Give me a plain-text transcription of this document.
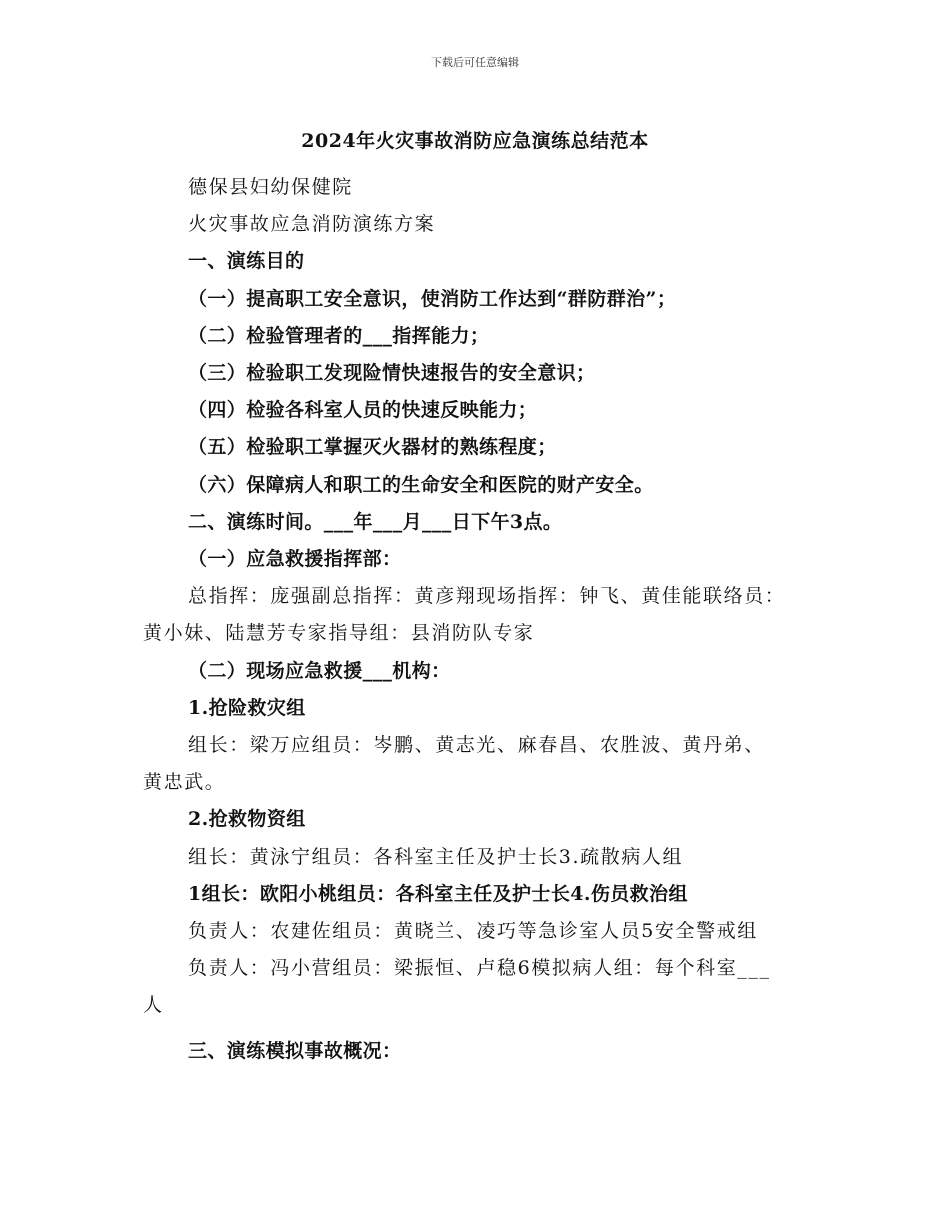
下载后可任意编辑
2024年火灾事故消防应急演练总结范本
德保县妇幼保健院
火灾事故应急消防演练方案
一、演练目的
（一）提高职工安全意识，使消防工作达到“群防群治”；
（二）检验管理者的___指挥能力；
（三）检验职工发现险情快速报告的安全意识；
（四）检验各科室人员的快速反映能力；
（五）检验职工掌握灭火器材的熟练程度；
（六）保障病人和职工的生命安全和医院的财产安全。
二、演练时间。___年___月___日下午3点。
（一）应急救援指挥部：
总指挥：庞强副总指挥：黄彦翔现场指挥：钟飞、黄佳能联络员：
黄小妹、陆慧芳专家指导组：县消防队专家
（二）现场应急救援___机构：
1.抢险救灾组
组长：梁万应组员：岑鹏、黄志光、麻春昌、农胜波、黄丹弟、
黄忠武。
2.抢救物资组
组长：黄泳宁组员：各科室主任及护士长3.疏散病人组
1组长：欧阳小桃组员：各科室主任及护士长4.伤员救治组
负责人：农建佐组员：黄晓兰、凌巧等急诊室人员5安全警戒组
负责人：冯小营组员：梁振恒、卢稳6模拟病人组：每个科室___
人
三、演练模拟事故概况：
